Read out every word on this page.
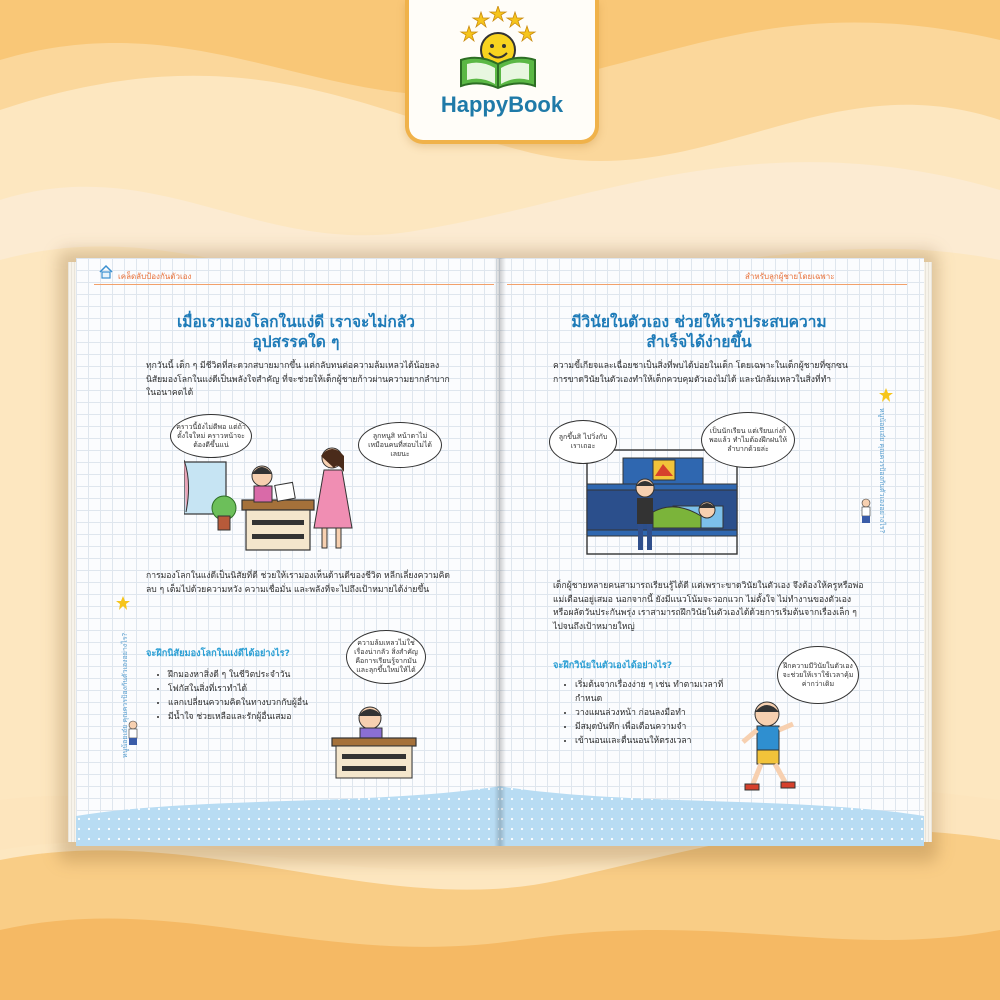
HappyBook
เคล็ดลับป้องกันตัวเอง
เมื่อเรามองโลกในแง่ดี เราจะไม่กลัว
อุปสรรคใด ๆ
ทุกวันนี้ เด็ก ๆ มีชีวิตที่สะดวกสบายมากขึ้น แต่กลับทนต่อความล้มเหลวได้น้อยลง นิสัยมองโลกในแง่ดีเป็นพลังใจสำคัญ ที่จะช่วยให้เด็กผู้ชายก้าวผ่านความยากลำบากในอนาคตได้
คราวนี้ยังไม่ดีพอ แต่ถ้าตั้งใจใหม่ คราวหน้าจะต้องดีขึ้นแน่
ลูกหนูสิ หน้าตาไม่เหมือนคนที่สอบไม่ได้เลยนะ
การมองโลกในแง่ดีเป็นนิสัยที่ดี ช่วยให้เรามองเห็นด้านดีของชีวิต หลีกเลี่ยงความคิดลบ ๆ เต็มไปด้วยความหวัง ความเชื่อมั่น และพลังที่จะไปถึงเป้าหมายได้ง่ายขึ้น
จะฝึกนิสัยมองโลกในแง่ดีได้อย่างไร?
• ฝึกมองหาสิ่งดี ๆ ในชีวิตประจำวัน
• โฟกัสในสิ่งที่เราทำได้
• แลกเปลี่ยนความคิดในทางบวกกับผู้อื่น
• มีน้ำใจ ช่วยเหลือและรักผู้อื่นเสมอ
ความล้มเหลวไม่ใช่เรื่องน่ากลัว สิ่งสำคัญคือการเรียนรู้จากมัน และลุกขึ้นใหม่ให้ได้
หนูน้อยเอ๋ย คุณควรป้องกันตัวเองอย่างไร?
สำหรับลูกผู้ชายโดยเฉพาะ
มีวินัยในตัวเอง ช่วยให้เราประสบความ
สำเร็จได้ง่ายขึ้น
ความขี้เกียจและเฉื่อยชาเป็นสิ่งที่พบได้บ่อยในเด็ก โดยเฉพาะในเด็กผู้ชายที่ซุกซน การขาดวินัยในตัวเองทำให้เด็กควบคุมตัวเองไม่ได้ และนักล้มเหลวในสิ่งที่ทำ
ลูกขึ้นสิ ไปวิ่งกับเราเถอะ
เป็นนักเรียน แต่เรียนเก่งก็พอแล้ว ทำไมต้องฝึกฝนให้ลำบากด้วยล่ะ
เด็กผู้ชายหลายคนสามารถเรียนรู้ได้ดี แต่เพราะขาดวินัยในตัวเอง จึงต้องให้ครูหรือพ่อแม่เตือนอยู่เสมอ นอกจากนี้ ยังมีแนวโน้มจะวอกแวก ไม่ตั้งใจ ไม่ทำงานของตัวเอง หรือผลัดวันประกันพรุ่ง เราสามารถฝึกวินัยในตัวเองได้ด้วยการเริ่มต้นจากเรื่องเล็ก ๆ ไปจนถึงเป้าหมายใหญ่
จะฝึกวินัยในตัวเองได้อย่างไร?
• เริ่มต้นจากเรื่องง่าย ๆ เช่น ทำตามเวลาที่กำหนด
• วางแผนล่วงหน้า ก่อนลงมือทำ
• มีสมุดบันทึก เพื่อเตือนความจำ
• เข้านอนและตื่นนอนให้ตรงเวลา
ฝึกความมีวินัยในตัวเอง จะช่วยให้เราใช้เวลาคุ้มค่ากว่าเดิม
หนูน้อยเอ๋ย คุณควรป้องกันตัวเองอย่างไร?
